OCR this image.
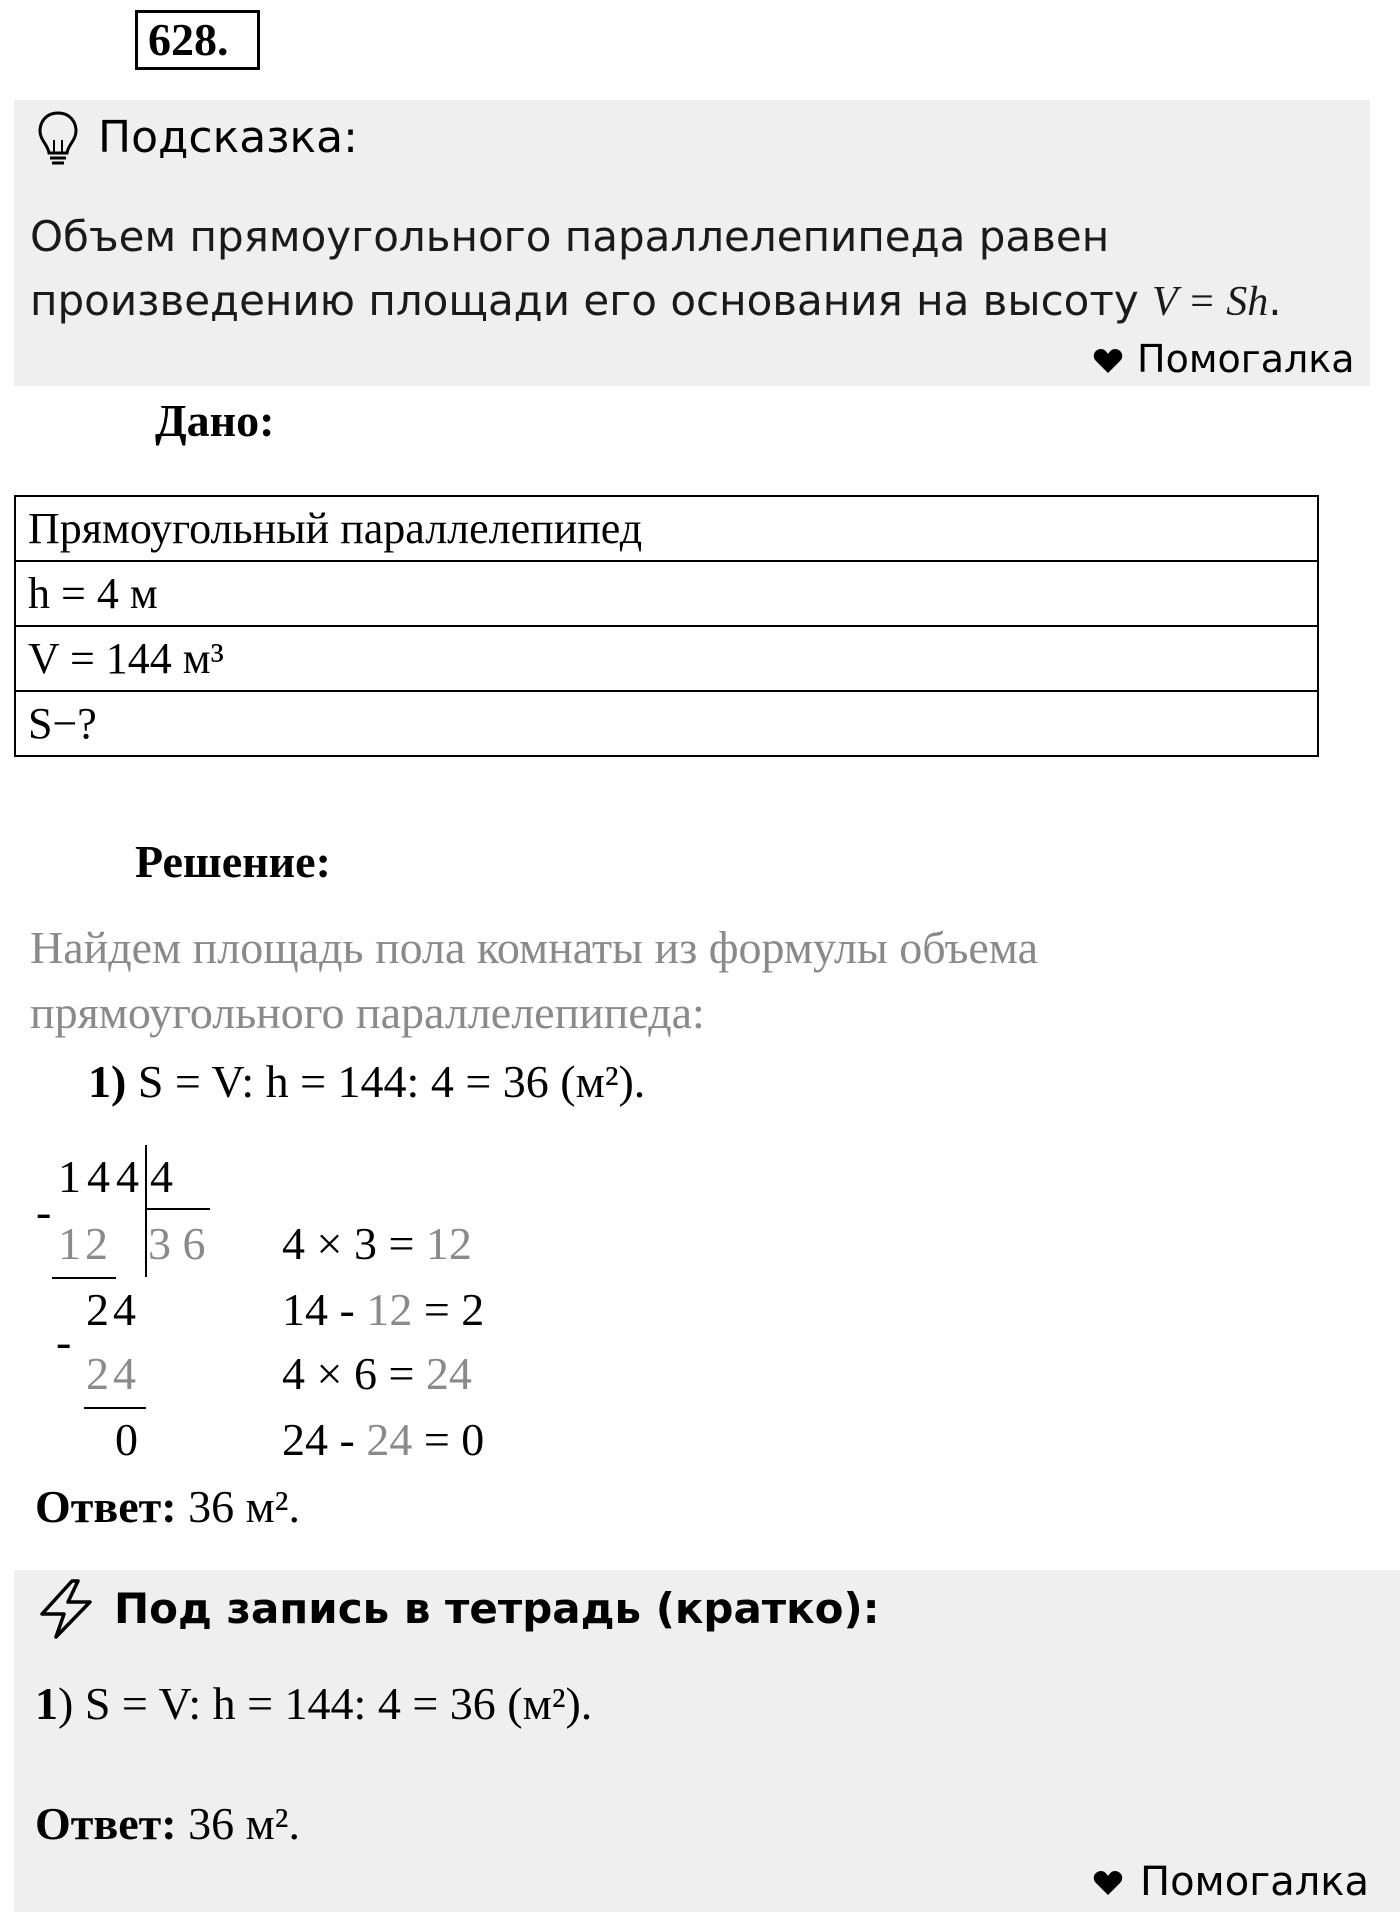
628.
Подсказка:
Объем прямоугольного параллелепипеда равен
произведению площади его основания на высоту V = Sh.
Помогалка
Дано:
Прямоугольный параллелепипед
h = 4 м
V = 144 м³
S−?
Решение:
Найдем площадь пола комнаты из формулы объема
прямоугольного параллелепипеда:
1) S = V: h = 144: 4 = 36 (м²).
144 4
-
12 3 6
24
-
24
0
4 × 3 = 12
14 - 12 = 2
4 × 6 = 24
24 - 24 = 0
Ответ: 36 м².
Под запись в тетрадь (кратко):
1) S = V: h = 144: 4 = 36 (м²).
Ответ: 36 м².
Помогалка
